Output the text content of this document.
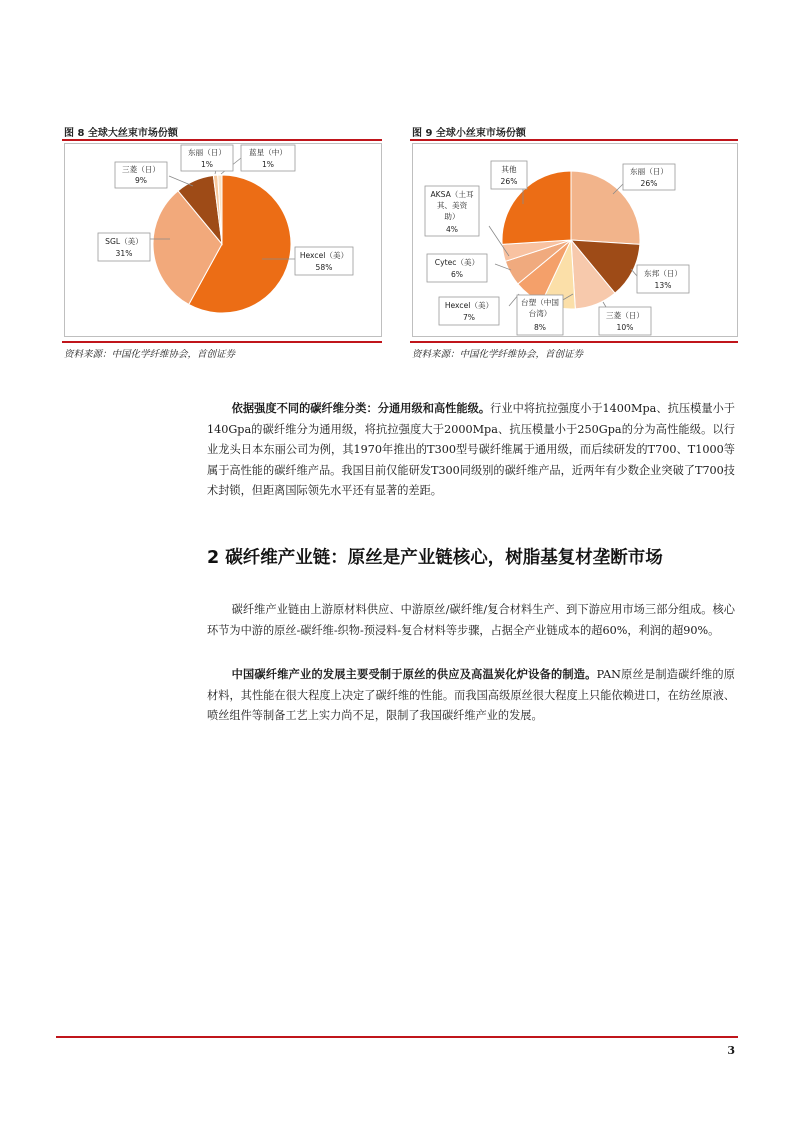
图 8 全球大丝束市场份额	图 9 全球小丝束市场份额
Hexcel（美）
58%
SGL（美）
31%
三菱（日）
9%
东丽（日）
1%
蓝星（中）
1%
东丽（日）
26%
东邦（日）
13%
三菱（日）
10%
台塑（中国
台湾）
8%
Hexcel（美）
7%
Cytec（美）
6%
AKSA（土耳
其、美资
助）
4%
其他
26%
资料来源：中国化学纤维协会，首创证券	资料来源：中国化学纤维协会，首创证券

依据强度不同的碳纤维分类：分通用级和高性能级。行业中将抗拉强度小于1400Mpa、抗压模量小于140Gpa的碳纤维分为通用级，将抗拉强度大于2000Mpa、抗压模量小于250Gpa的分为高性能级。以行业龙头日本东丽公司为例，其1970年推出的T300型号碳纤维属于通用级，而后续研发的T700、T1000等属于高性能的碳纤维产品。我国目前仅能研发T300同级别的碳纤维产品，近两年有少数企业突破了T700技术封锁，但距离国际领先水平还有显著的差距。

2 碳纤维产业链：原丝是产业链核心，树脂基复材垄断市场

碳纤维产业链由上游原材料供应、中游原丝/碳纤维/复合材料生产、到下游应用市场三部分组成。核心环节为中游的原丝-碳纤维-织物-预浸料-复合材料等步骤，占据全产业链成本的超60%，利润的超90%。

中国碳纤维产业的发展主要受制于原丝的供应及高温炭化炉设备的制造。PAN原丝是制造碳纤维的原材料，其性能在很大程度上决定了碳纤维的性能。而我国高级原丝很大程度上只能依赖进口，在纺丝原液、喷丝组件等制备工艺上实力尚不足，限制了我国碳纤维产业的发展。

3
